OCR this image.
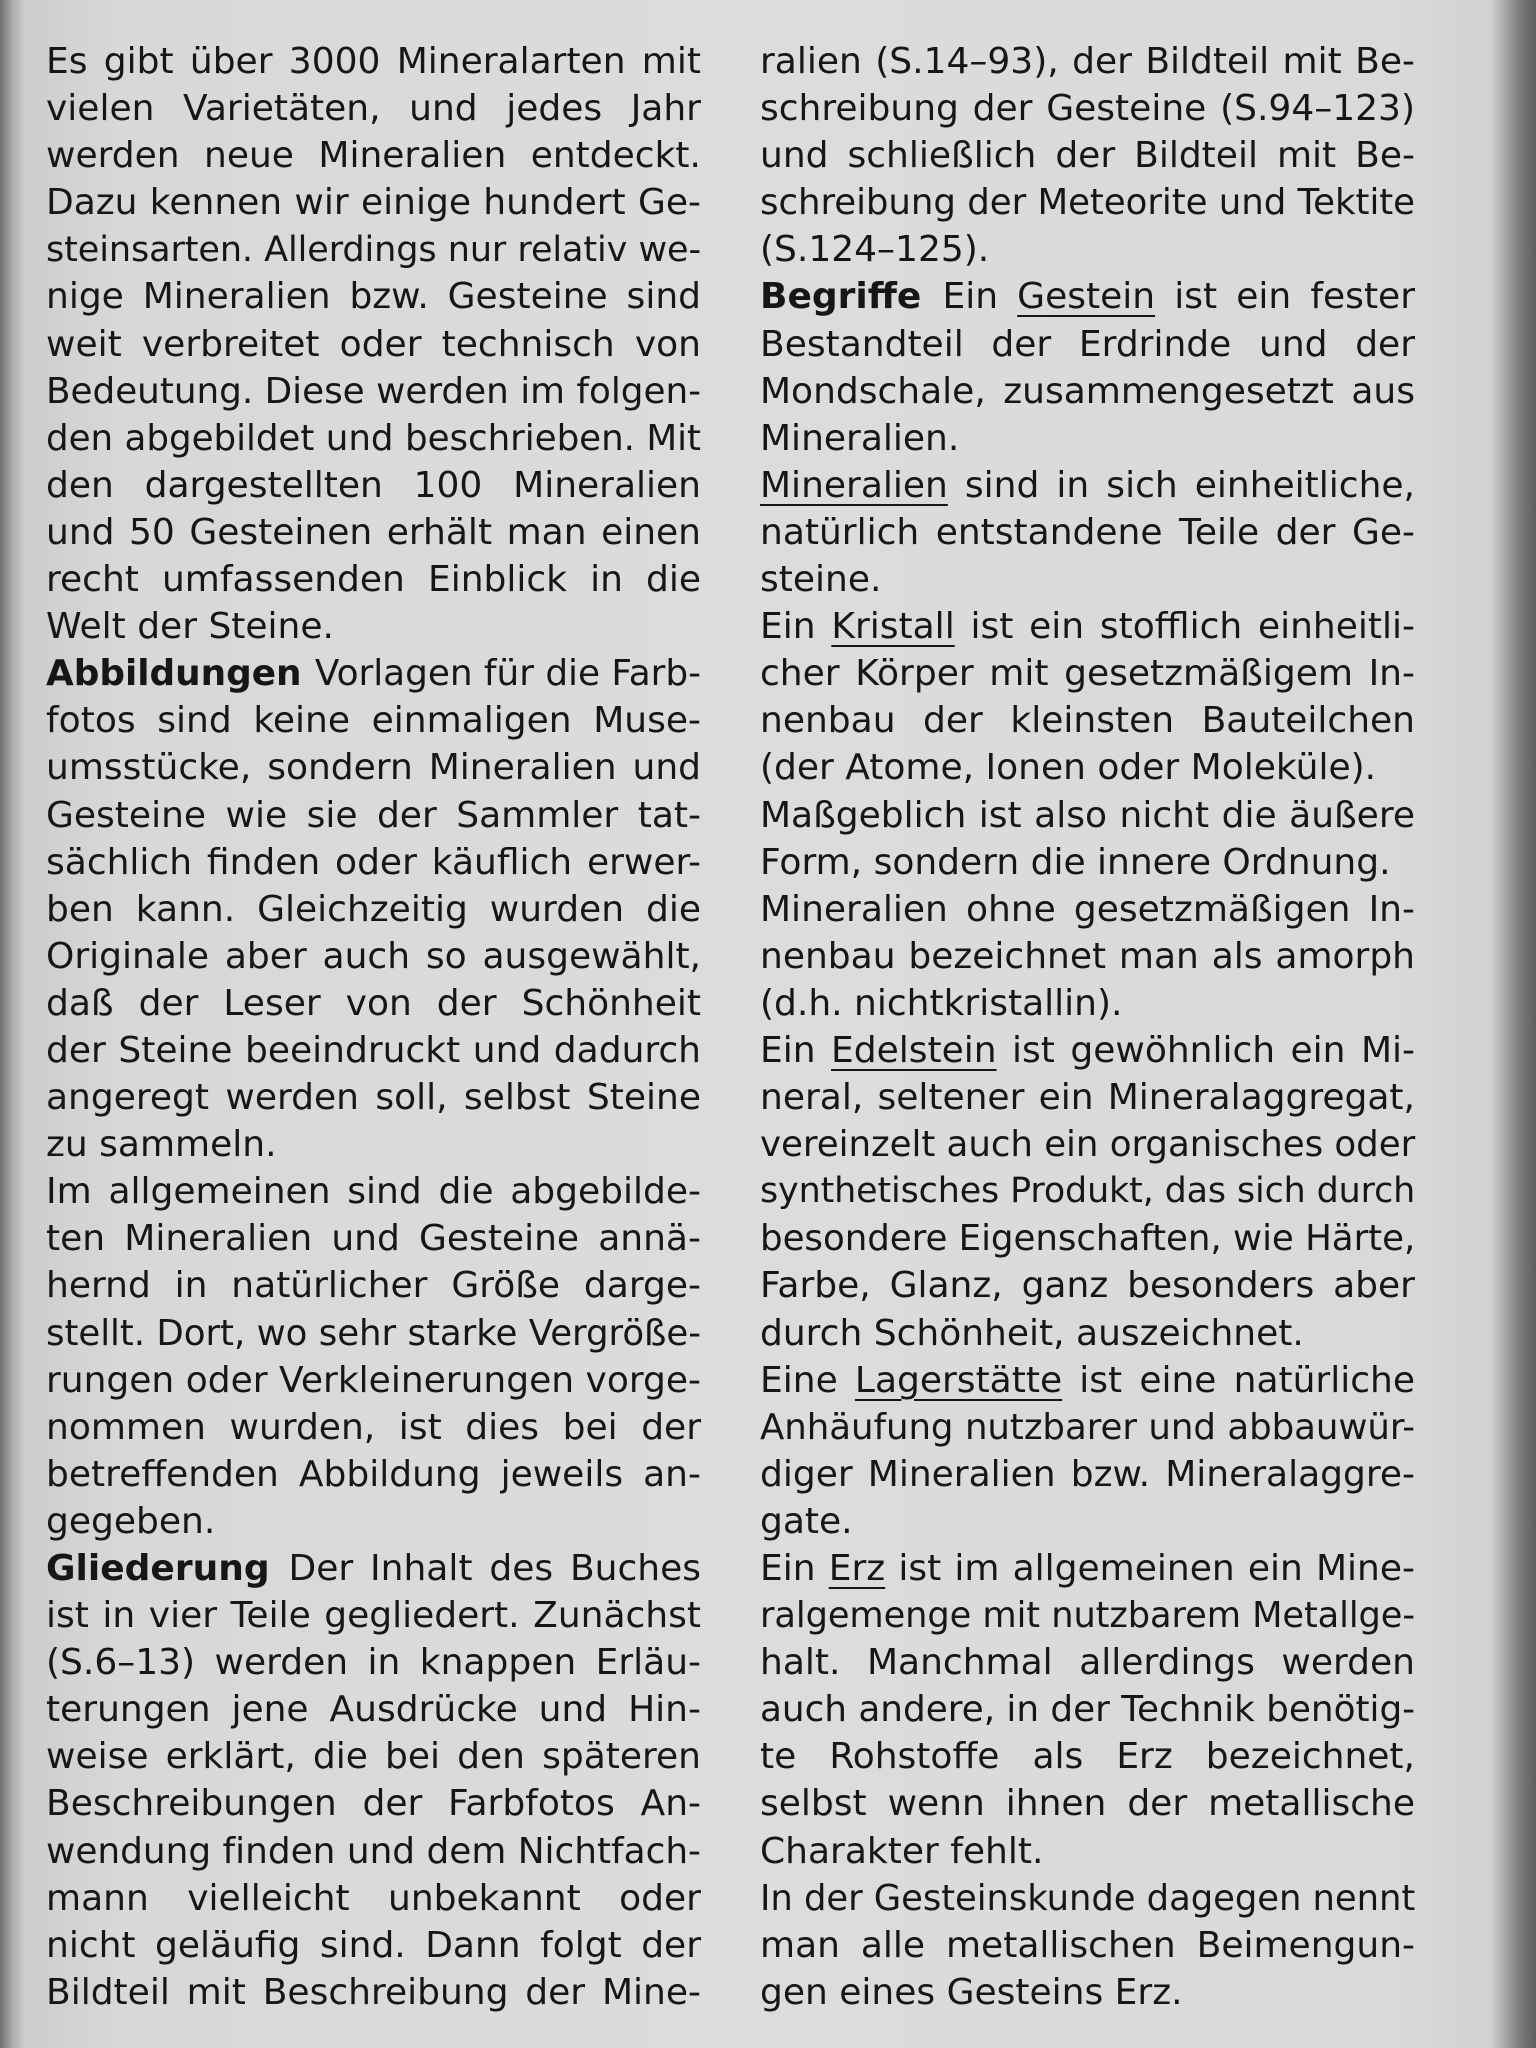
Es gibt über 3000 Mineralarten mit
vielen Varietäten, und jedes Jahr
werden neue Mineralien entdeckt.
Dazu kennen wir einige hundert Ge-
steinsarten. Allerdings nur relativ we-
nige Mineralien bzw. Gesteine sind
weit verbreitet oder technisch von
Bedeutung. Diese werden im folgen-
den abgebildet und beschrieben. Mit
den dargestellten 100 Mineralien
und 50 Gesteinen erhält man einen
recht umfassenden Einblick in die
Welt der Steine.
Abbildungen Vorlagen für die Farb-
fotos sind keine einmaligen Muse-
umsstücke, sondern Mineralien und
Gesteine wie sie der Sammler tat-
sächlich finden oder käuflich erwer-
ben kann. Gleichzeitig wurden die
Originale aber auch so ausgewählt,
daß der Leser von der Schönheit
der Steine beeindruckt und dadurch
angeregt werden soll, selbst Steine
zu sammeln.
Im allgemeinen sind die abgebilde-
ten Mineralien und Gesteine annä-
hernd in natürlicher Größe darge-
stellt. Dort, wo sehr starke Vergröße-
rungen oder Verkleinerungen vorge-
nommen wurden, ist dies bei der
betreffenden Abbildung jeweils an-
gegeben.
Gliederung Der Inhalt des Buches
ist in vier Teile gegliedert. Zunächst
(S.6–13) werden in knappen Erläu-
terungen jene Ausdrücke und Hin-
weise erklärt, die bei den späteren
Beschreibungen der Farbfotos An-
wendung finden und dem Nichtfach-
mann vielleicht unbekannt oder
nicht geläufig sind. Dann folgt der
Bildteil mit Beschreibung der Mine-
ralien (S.14–93), der Bildteil mit Be-
schreibung der Gesteine (S.94–123)
und schließlich der Bildteil mit Be-
schreibung der Meteorite und Tektite
(S.124–125).
Begriffe Ein Gestein ist ein fester
Bestandteil der Erdrinde und der
Mondschale, zusammengesetzt aus
Mineralien.
Mineralien sind in sich einheitliche,
natürlich entstandene Teile der Ge-
steine.
Ein Kristall ist ein stofflich einheitli-
cher Körper mit gesetzmäßigem In-
nenbau der kleinsten Bauteilchen
(der Atome, Ionen oder Moleküle).
Maßgeblich ist also nicht die äußere
Form, sondern die innere Ordnung.
Mineralien ohne gesetzmäßigen In-
nenbau bezeichnet man als amorph
(d.h. nichtkristallin).
Ein Edelstein ist gewöhnlich ein Mi-
neral, seltener ein Mineralaggregat,
vereinzelt auch ein organisches oder
synthetisches Produkt, das sich durch
besondere Eigenschaften, wie Härte,
Farbe, Glanz, ganz besonders aber
durch Schönheit, auszeichnet.
Eine Lagerstätte ist eine natürliche
Anhäufung nutzbarer und abbauwür-
diger Mineralien bzw. Mineralaggre-
gate.
Ein Erz ist im allgemeinen ein Mine-
ralgemenge mit nutzbarem Metallge-
halt. Manchmal allerdings werden
auch andere, in der Technik benötig-
te Rohstoffe als Erz bezeichnet,
selbst wenn ihnen der metallische
Charakter fehlt.
In der Gesteinskunde dagegen nennt
man alle metallischen Beimengun-
gen eines Gesteins Erz.
